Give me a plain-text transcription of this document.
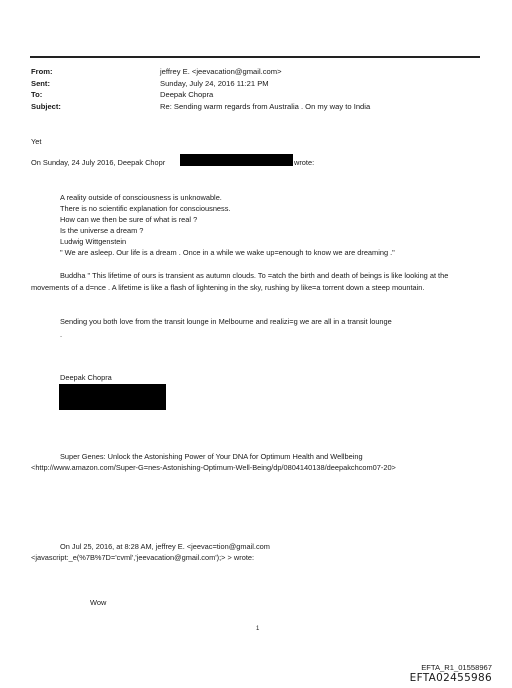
From:	jeffrey E. <jeevacation@gmail.com>
Sent:	Sunday, July 24, 2016 11:21 PM
To:	Deepak Chopra
Subject:	Re: Sending warm regards from Australia . On my way to India
Yet
On Sunday, 24 July 2016, Deepak Chopr	wrote:
A reality outside of consciousness is unknowable.
There is no scientific explanation for consciousness.
How can we then be sure of what is real ?
Is the universe a dream ?
Ludwig Wittgenstein
" We are asleep. Our life is a dream . Once in a while we wake up=enough to know we are dreaming ."
Buddha " This lifetime of ours is transient as autumn clouds. To =atch the birth and death of beings is like looking at the movements of a d=nce . A lifetime is like a flash of lightening in the sky, rushing by like=a torrent down a steep mountain.
Sending you both love from the transit lounge in Melbourne and realizi=g we are all in a transit lounge
.
Deepak Chopra
Super Genes: Unlock the Astonishing Power of Your DNA for Optimum Health and Wellbeing
<http://www.amazon.com/Super-G=nes-Astonishing-Optimum-Well-Being/dp/0804140138/deepakchcom07-20>
On Jul 25, 2016, at 8:28 AM, jeffrey E. <jeevac=tion@gmail.com
<javascript:_e(%7B%7D='cvml','jeevacation@gmail.com');> > wrote:
Wow
1
EFTA_R1_01558967
EFTA02455986
